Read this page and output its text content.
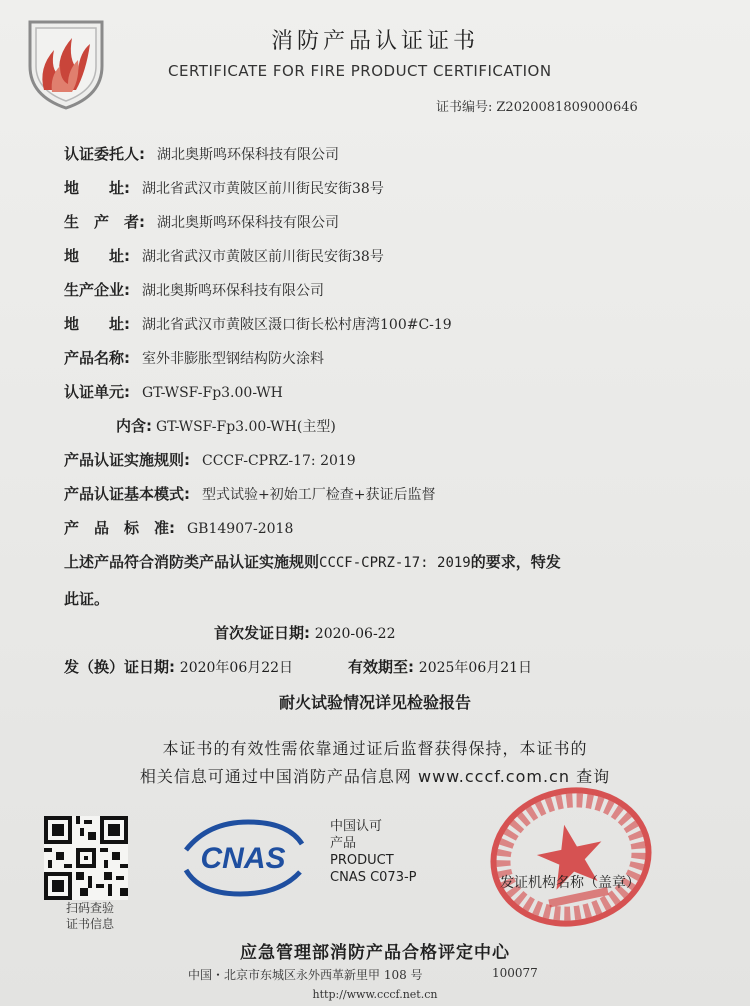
消防产品认证证书
CERTIFICATE FOR FIRE PRODUCT CERTIFICATION
证书编号: Z2020081809000646
认证委托人: 湖北奥斯鸣环保科技有限公司
地　　址: 湖北省武汉市黄陂区前川街民安街38号
生　产　者: 湖北奥斯鸣环保科技有限公司
地　　址: 湖北省武汉市黄陂区前川街民安街38号
生产企业: 湖北奥斯鸣环保科技有限公司
地　　址: 湖北省武汉市黄陂区滠口街长松村唐湾100#C-19
产品名称: 室外非膨胀型钢结构防火涂料
认证单元: GT-WSF-Fp3.00-WH
内含: GT-WSF-Fp3.00-WH(主型)
产品认证实施规则: CCCF-CPRZ-17: 2019
产品认证基本模式: 型式试验+初始工厂检查+获证后监督
产　品　标　准: GB14907-2018
上述产品符合消防类产品认证实施规则CCCF-CPRZ-17: 2019的要求，特发
此证。
首次发证日期: 2020-06-22
发（换）证日期: 2020年06月22日	有效期至: 2025年06月21日
耐火试验情况详见检验报告
本证书的有效性需依靠通过证后监督获得保持，本证书的
相关信息可通过中国消防产品信息网 www.cccf.com.cn 查询
扫码查验
证书信息
CNAS
中国认可
产品
PRODUCT
CNAS C073-P	发证机构名称（盖章）
应急管理部消防产品合格评定中心
中国・北京市东城区永外西革新里甲 108 号	100077
http://www.cccf.net.cn
